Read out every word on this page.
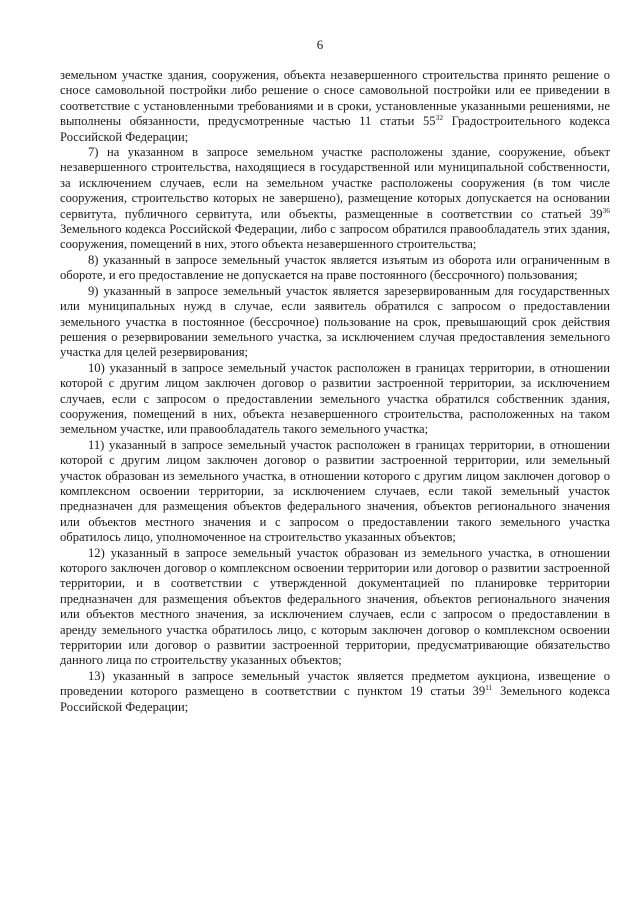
6

земельном участке здания, сооружения, объекта незавершенного строительства принято решение о сносе самовольной постройки либо решение о сносе самовольной постройки или ее приведении в соответствие с установленными требованиями и в сроки, установленные указанными решениями, не выполнены обязанности, предусмотренные частью 11 статьи $55^{32}$ Градостроительного кодекса Российской Федерации;

7) на указанном в запросе земельном участке расположены здание, сооружение, объект незавершенного строительства, находящиеся в государственной или муниципальной собственности, за исключением случаев, если на земельном участке расположены сооружения (в том числе сооружения, строительство которых не завершено), размещение которых допускается на основании сервитута, публичного сервитута, или объекты, размещенные в соответствии со статьей $39^{36}$ Земельного кодекса Российской Федерации, либо с запросом обратился правообладатель этих здания, сооружения, помещений в них, этого объекта незавершенного строительства;

8) указанный в запросе земельный участок является изъятым из оборота или ограниченным в обороте, и его предоставление не допускается на праве постоянного (бессрочного) пользования;

9) указанный в запросе земельный участок является зарезервированным для государственных или муниципальных нужд в случае, если заявитель обратился с запросом о предоставлении земельного участка в постоянное (бессрочное) пользование на срок, превышающий срок действия решения о резервировании земельного участка, за исключением случая предоставления земельного участка для целей резервирования;

10) указанный в запросе земельный участок расположен в границах территории, в отношении которой с другим лицом заключен договор о развитии застроенной территории, за исключением случаев, если с запросом о предоставлении земельного участка обратился собственник здания, сооружения, помещений в них, объекта незавершенного строительства, расположенных на таком земельном участке, или правообладатель такого земельного участка;

11) указанный в запросе земельный участок расположен в границах территории, в отношении которой с другим лицом заключен договор о развитии застроенной территории, или земельный участок образован из земельного участка, в отношении которого с другим лицом заключен договор о комплексном освоении территории, за исключением случаев, если такой земельный участок предназначен для размещения объектов федерального значения, объектов регионального значения или объектов местного значения и с запросом о предоставлении такого земельного участка обратилось лицо, уполномоченное на строительство указанных объектов;

12) указанный в запросе земельный участок образован из земельного участка, в отношении которого заключен договор о комплексном освоении территории или договор о развитии застроенной территории, и в соответствии с утвержденной документацией по планировке территории предназначен для размещения объектов федерального значения, объектов регионального значения или объектов местного значения, за исключением случаев, если с запросом о предоставлении в аренду земельного участка обратилось лицо, с которым заключен договор о комплексном освоении территории или договор о развитии застроенной территории, предусматривающие обязательство данного лица по строительству указанных объектов;

13) указанный в запросе земельный участок является предметом аукциона, извещение о проведении которого размещено в соответствии с пунктом 19 статьи $39^{11}$ Земельного кодекса Российской Федерации;
